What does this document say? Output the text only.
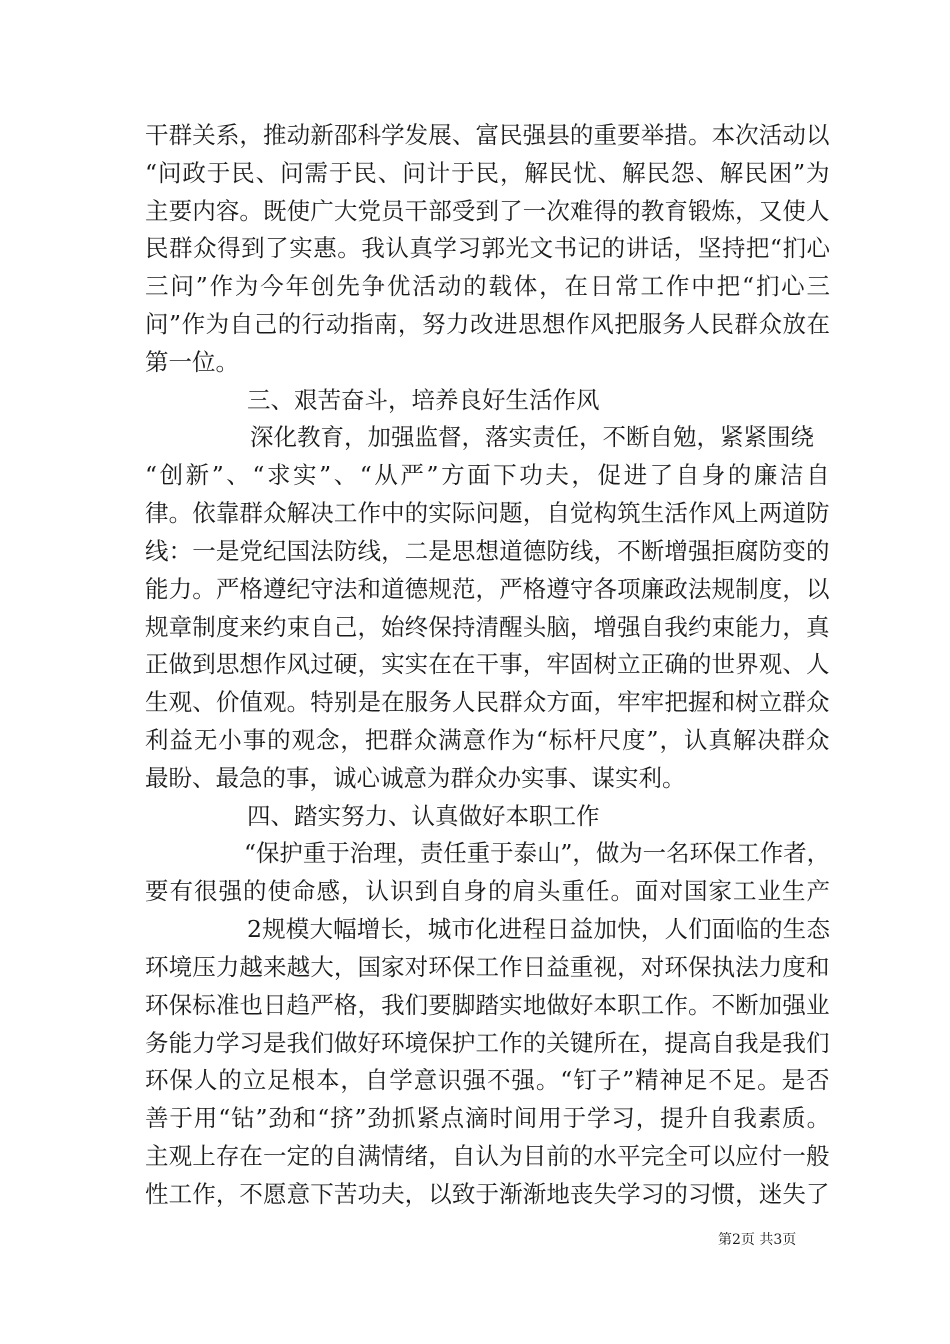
干群关系，推动新邵科学发展、富民强县的重要举措。本次活动以
“问政于民、问需于民、问计于民，解民忧、解民怨、解民困”为
主要内容。既使广大党员干部受到了一次难得的教育锻炼，又使人
民群众得到了实惠。我认真学习郭光文书记的讲话，坚持把“扪心
三问”作为今年创先争优活动的载体，在日常工作中把“扪心三
问”作为自己的行动指南，努力改进思想作风把服务人民群众放在
第一位。
三、艰苦奋斗，培养良好生活作风
深化教育，加强监督，落实责任，不断自勉，紧紧围绕
“创新”、“求实”、“从严”方面下功夫，促进了自身的廉洁自
律。依靠群众解决工作中的实际问题，自觉构筑生活作风上两道防
线：一是党纪国法防线，二是思想道德防线，不断增强拒腐防变的
能力。严格遵纪守法和道德规范，严格遵守各项廉政法规制度，以
规章制度来约束自己，始终保持清醒头脑，增强自我约束能力，真
正做到思想作风过硬，实实在在干事，牢固树立正确的世界观、人
生观、价值观。特别是在服务人民群众方面，牢牢把握和树立群众
利益无小事的观念，把群众满意作为“标杆尺度”，认真解决群众
最盼、最急的事，诚心诚意为群众办实事、谋实利。
四、踏实努力、认真做好本职工作
“保护重于治理，责任重于泰山”，做为一名环保工作者，
要有很强的使命感，认识到自身的肩头重任。面对国家工业生产
2规模大幅增长，城市化进程日益加快，人们面临的生态
环境压力越来越大，国家对环保工作日益重视，对环保执法力度和
环保标准也日趋严格，我们要脚踏实地做好本职工作。不断加强业
务能力学习是我们做好环境保护工作的关键所在，提高自我是我们
环保人的立足根本，自学意识强不强。“钉子”精神足不足。是否
善于用“钻”劲和“挤”劲抓紧点滴时间用于学习，提升自我素质。
主观上存在一定的自满情绪，自认为目前的水平完全可以应付一般
性工作，不愿意下苦功夫，以致于渐渐地丧失学习的习惯，迷失了
第2页 共3页
